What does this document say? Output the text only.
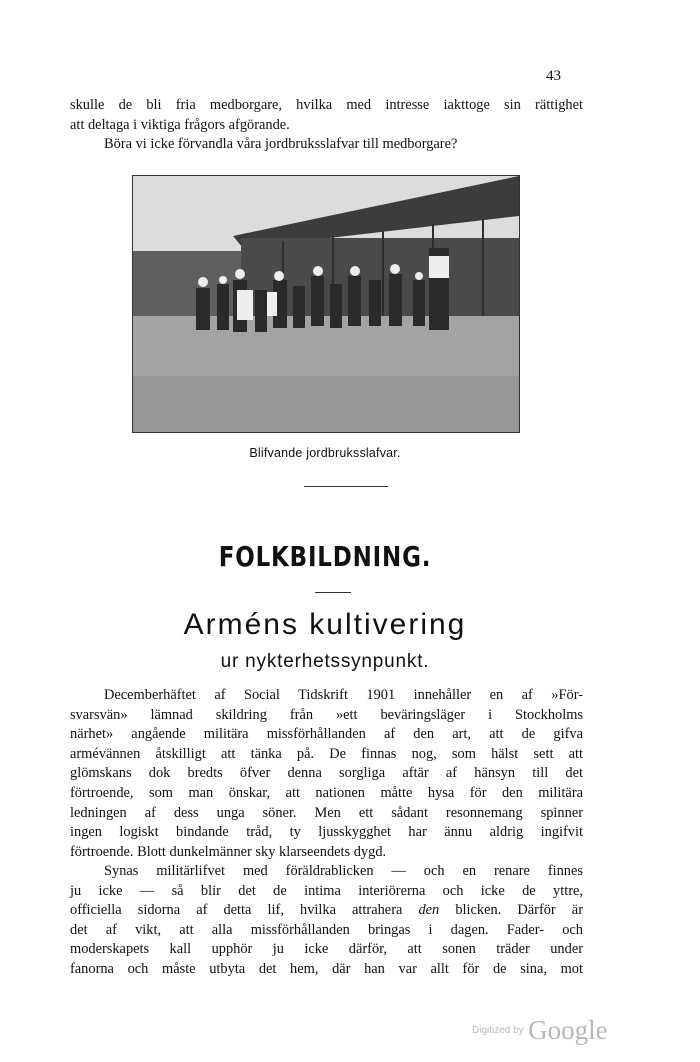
43
skulle de bli fria medborgare, hvilka med intresse iakttoge sin rättighet
att deltaga i viktiga frågors afgörande.
Böra vi icke förvandla våra jordbruksslafvar till medborgare?
Blifvande jordbruksslafvar.
FOLKBILDNING.
Arméns kultivering
ur nykterhetssynpunkt.
Decemberhäftet af Social Tidskrift 1901 innehåller en af »För-
svarsvän» lämnad skildring från »ett beväringsläger i Stockholms
närhet» angående militära missförhållanden af den art, att de gifva
armévännen åtskilligt att tänka på. De finnas nog, som hälst sett att
glömskans dok bredts öfver denna sorgliga aftär af hänsyn till det
förtroende, som man önskar, att nationen måtte hysa för den militära
ledningen af dess unga söner. Men ett sådant resonnemang spinner
ingen logiskt bindande tråd, ty ljusskygghet har ännu aldrig ingifvit
förtroende. Blott dunkelmänner sky klarseendets dygd.
Synas militärlifvet med föräldrablicken –– och en renare finnes
ju icke — så blir det de intima interiörerna och icke de yttre,
officiella sidorna af detta lif, hvilka attrahera den blicken. Därför är
det af vikt, att alla missförhållanden bringas i dagen. Fader- och
moderskapets kall upphör ju icke därför, att sonen träder under
fanorna och måste utbyta det hem, där han var allt för de sina, mot
Digitized by Google
